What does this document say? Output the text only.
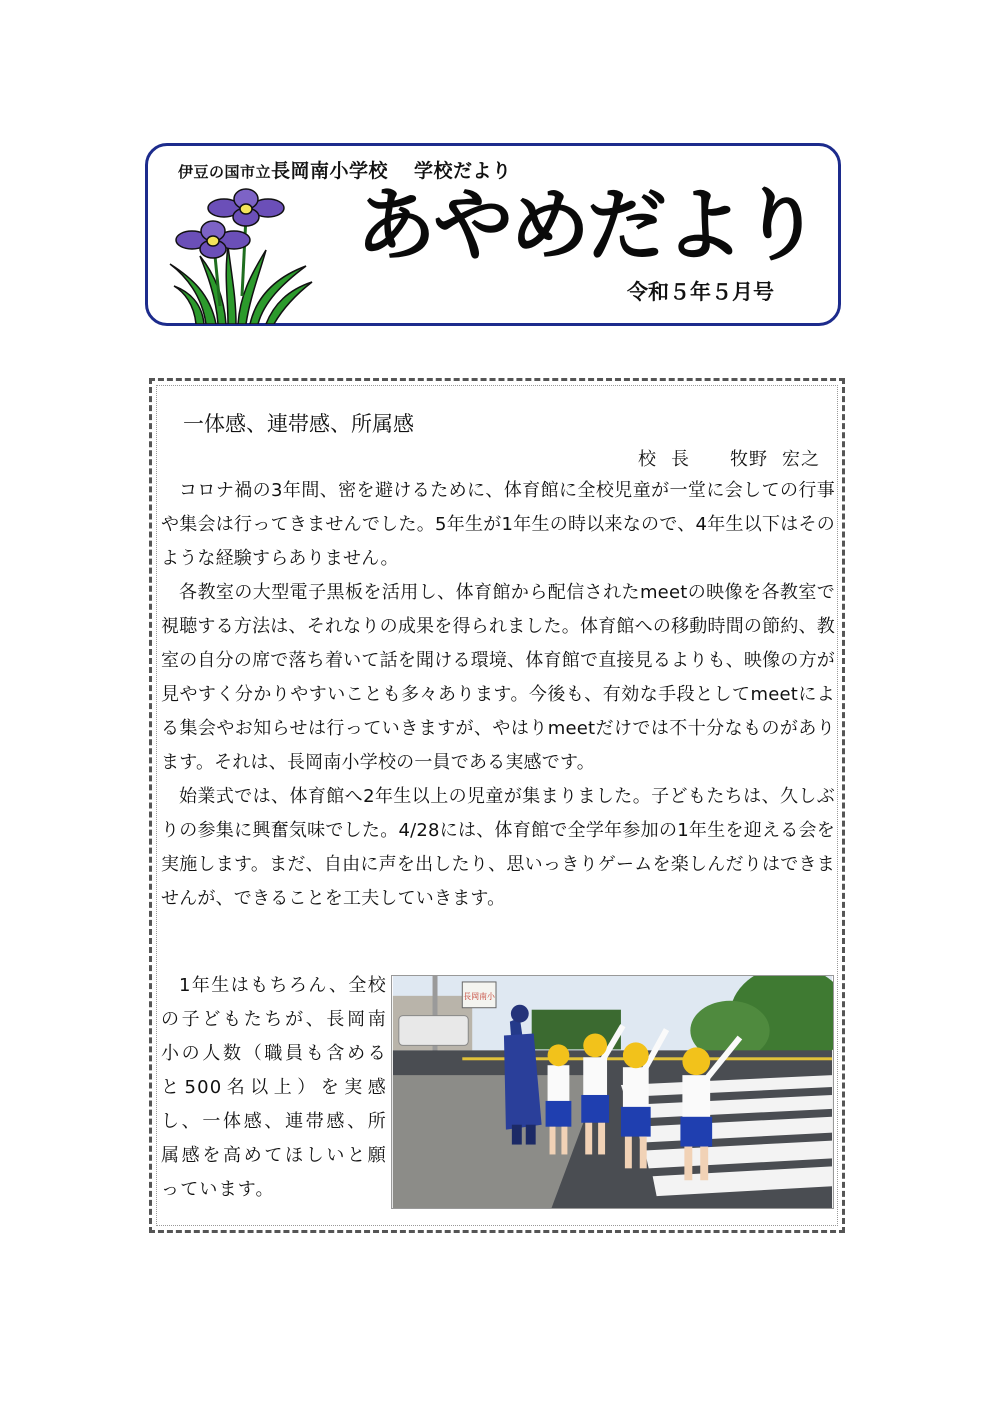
伊豆の国市立長岡南小学校 学校だより
あやめだより
令和５年５月号
一体感、連帯感、所属感
校 長 牧野 宏之

コロナ禍の3年間、密を避けるために、体育館に全校児童が一堂に会しての行事や集会は行ってきませんでした。5年生が1年生の時以来なので、4年生以下はそのような経験すらありません。

各教室の大型電子黒板を活用し、体育館から配信されたmeetの映像を各教室で視聴する方法は、それなりの成果を得られました。体育館への移動時間の節約、教室の自分の席で落ち着いて話を聞ける環境、体育館で直接見るよりも、映像の方が見やすく分かりやすいことも多々あります。今後も、有効な手段としてmeetによる集会やお知らせは行っていきますが、やはりmeetだけでは不十分なものがあります。それは、長岡南小学校の一員である実感です。

始業式では、体育館へ2年生以上の児童が集まりました。子どもたちは、久しぶりの参集に興奮気味でした。4/28には、体育館で全学年参加の1年生を迎える会を実施します。まだ、自由に声を出したり、思いっきりゲームを楽しんだりはできませんが、できることを工夫していきます。

1年生はもちろん、全校の子どもたちが、長岡南小の人数（職員も含めると500名以上）を実感し、一体感、連帯感、所属感を高めてほしいと願っています。

長岡南小
